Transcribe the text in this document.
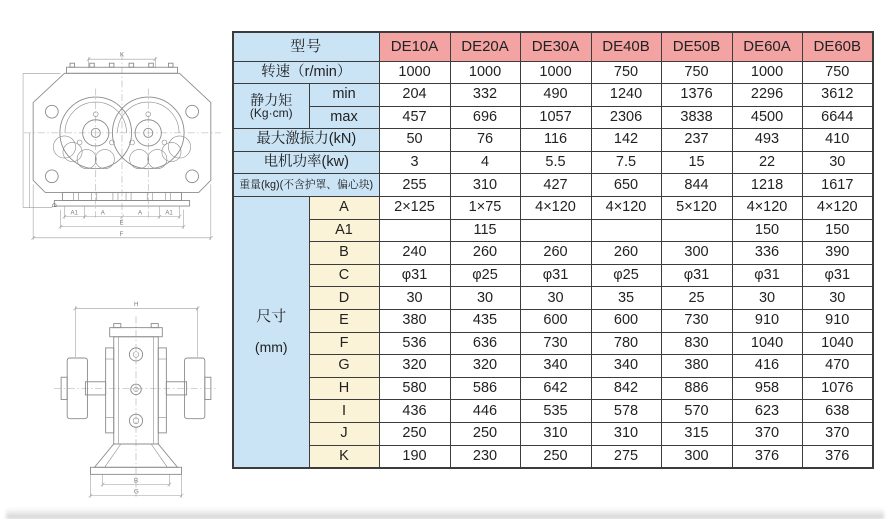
K
D
A1	A	A	A1
E
F
H
B
G
型号		DE10A	DE20A	DE30A	DE40B	DE50B	DE60A	DE60B
转速（r/min）		1000	1000	1000	750	750	1000	750

静力矩
(Kg·cm)	min	204	332	490	1240	1376	2296	3612
	max	457	696	1057	2306	3838	4500	6644
最大激振力(kN)		50	76	116	142	237	493	410
电机功率(kw)		3	4	5.5	7.5	15	22	30
重量(kg)(不含护罩、偏心块)		255	310	427	650	844	1218	1617

尺寸
(mm)	A	2×125	1×75	4×120	4×120	5×120	4×120	4×120
	A1		115				150	150
	B	240	260	260	260	300	336	390
	C	φ31	φ25	φ31	φ25	φ31	φ31	φ31
	D	30	30	30	35	25	30	30
	E	380	435	600	600	730	910	910
	F	536	636	730	780	830	1040	1040
	G	320	320	340	340	380	416	470
	H	580	586	642	842	886	958	1076
	I	436	446	535	578	570	623	638
	J	250	250	310	310	315	370	370
	K	190	230	250	275	300	376	376
